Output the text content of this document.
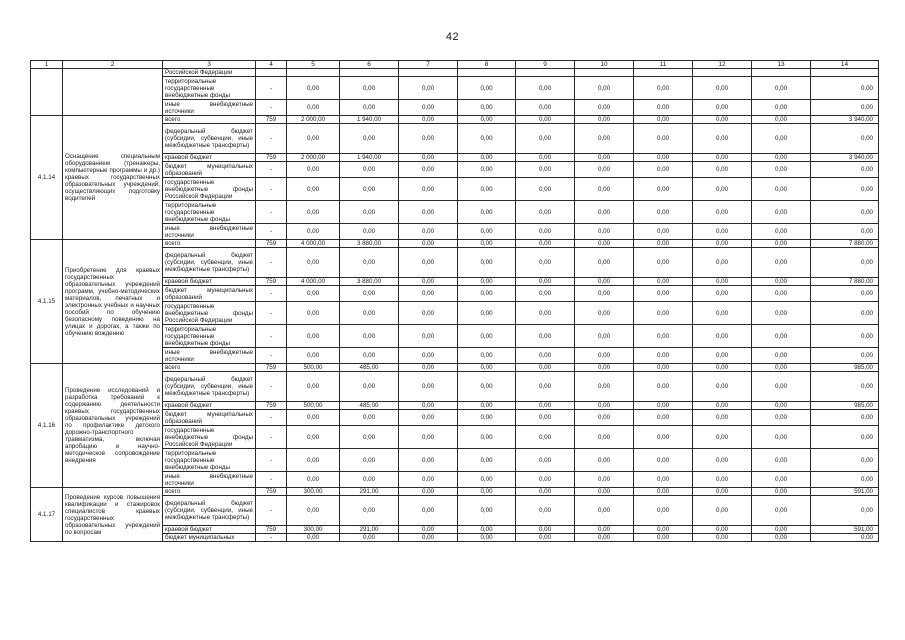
42
1	2	3	4	5	6	7	8	9	10	11	12	13	14
		Российской Федерации											
		территориальные государственные внебюджетные фонды	-	0,00	0,00	0,00	0,00	0,00	0,00	0,00	0,00	0,00	0,00
		иные внебюджетные источники	-	0,00	0,00	0,00	0,00	0,00	0,00	0,00	0,00	0,00	0,00
4.1.14	Оснащение специальным оборудованием (тренажеры, компьютерные программы и др.) краевых государственных образовательных учреждений, осуществляющих подготовку водителей	всего	759	2 000,00	1 940,00	0,00	0,00	0,00	0,00	0,00	0,00	0,00	3 940,00
		федеральный бюджет (субсидии, субвенции, иные межбюджетные трансферты)	-	0,00	0,00	0,00	0,00	0,00	0,00	0,00	0,00	0,00	0,00
		краевой бюджет	759	2 000,00	1 940,00	0,00	0,00	0,00	0,00	0,00	0,00	0,00	3 940,00
		бюджет муниципальных образований	-	0,00	0,00	0,00	0,00	0,00	0,00	0,00	0,00	0,00	0,00
		государственные внебюджетные фонды Российской Федерации	-	0,00	0,00	0,00	0,00	0,00	0,00	0,00	0,00	0,00	0,00
		территориальные государственные внебюджетные фонды	-	0,00	0,00	0,00	0,00	0,00	0,00	0,00	0,00	0,00	0,00
		иные внебюджетные источники	-	0,00	0,00	0,00	0,00	0,00	0,00	0,00	0,00	0,00	0,00
4.1.15	Приобретение для краевых государственных образовательных учреждений программ, учебно-методических материалов, печатных и электронных учебных и научных пособий по обучению безопасному поведению на улицах и дорогах, а также по обучению вождению	всего	759	4 000,00	3 880,00	0,00	0,00	0,00	0,00	0,00	0,00	0,00	7 880,00
		федеральный бюджет (субсидии, субвенции, иные межбюджетные трансферты)	-	0,00	0,00	0,00	0,00	0,00	0,00	0,00	0,00	0,00	0,00
		краевой бюджет	759	4 000,00	3 880,00	0,00	0,00	0,00	0,00	0,00	0,00	0,00	7 880,00
		бюджет муниципальных образований	-	0,00	0,00	0,00	0,00	0,00	0,00	0,00	0,00	0,00	0,00
		государственные внебюджетные фонды Российской Федерации	-	0,00	0,00	0,00	0,00	0,00	0,00	0,00	0,00	0,00	0,00
		территориальные государственные внебюджетные фонды	-	0,00	0,00	0,00	0,00	0,00	0,00	0,00	0,00	0,00	0,00
		иные внебюджетные источники	-	0,00	0,00	0,00	0,00	0,00	0,00	0,00	0,00	0,00	0,00
4.1.16	Проведение исследований и разработка требований к содержанию деятельности краевых государственных образовательных учреждений по профилактике детского дорожно-транспортного травматизма, включая апробацию и научно-методическое сопровождение внедрения	всего	759	500,00	485,00	0,00	0,00	0,00	0,00	0,00	0,00	0,00	985,00
		федеральный бюджет (субсидии, субвенции, иные межбюджетные трансферты)	-	0,00	0,00	0,00	0,00	0,00	0,00	0,00	0,00	0,00	0,00
		краевой бюджет	759	500,00	485,00	0,00	0,00	0,00	0,00	0,00	0,00	0,00	985,00
		бюджет муниципальных образований	-	0,00	0,00	0,00	0,00	0,00	0,00	0,00	0,00	0,00	0,00
		государственные внебюджетные фонды Российской Федерации	-	0,00	0,00	0,00	0,00	0,00	0,00	0,00	0,00	0,00	0,00
		территориальные государственные внебюджетные фонды	-	0,00	0,00	0,00	0,00	0,00	0,00	0,00	0,00	0,00	0,00
		иные внебюджетные источники	-	0,00	0,00	0,00	0,00	0,00	0,00	0,00	0,00	0,00	0,00
4.1.17	Проведение курсов повышения квалификации и стажировок специалистов краевых государственных образовательных учреждений по вопросам	всего	759	300,00	291,00	0,00	0,00	0,00	0,00	0,00	0,00	0,00	591,00
		федеральный бюджет (субсидии, субвенции, иные межбюджетные трансферты)	-	0,00	0,00	0,00	0,00	0,00	0,00	0,00	0,00	0,00	0,00
		краевой бюджет	759	300,00	291,00	0,00	0,00	0,00	0,00	0,00	0,00	0,00	591,00
		бюджет муниципальных	-	0,00	0,00	0,00	0,00	0,00	0,00	0,00	0,00	0,00	0,00
